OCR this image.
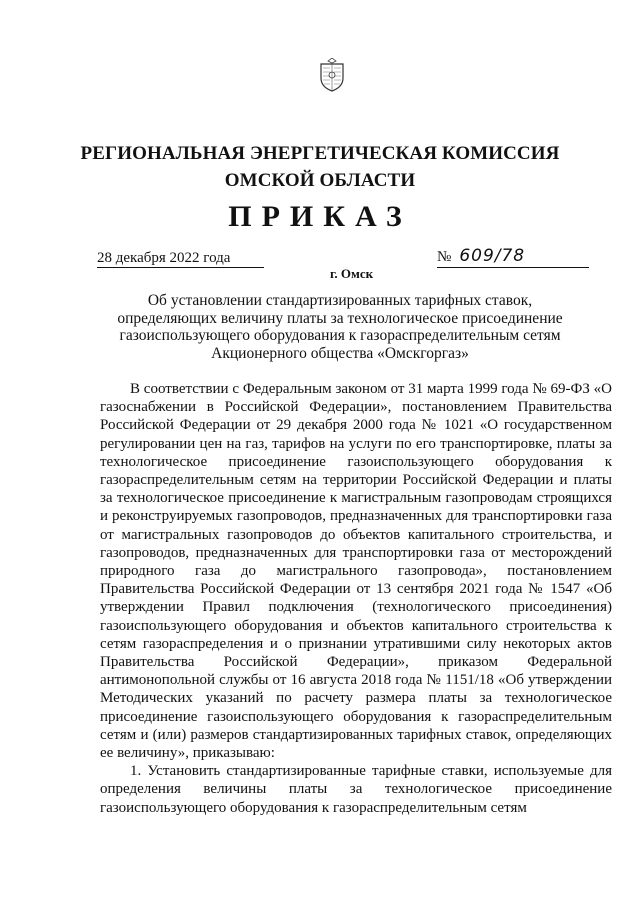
РЕГИОНАЛЬНАЯ ЭНЕРГЕТИЧЕСКАЯ КОМИССИЯ
ОМСКОЙ ОБЛАСТИ
ПРИКАЗ
28 декабря 2022 года	№ 609/78
г. Омск
Об установлении стандартизированных тарифных ставок, определяющих величину платы за технологическое присоединение газоиспользующего оборудования к газораспределительным сетям Акционерного общества «Омскгоргаз»

В соответствии с Федеральным законом от 31 марта 1999 года № 69-ФЗ «О газоснабжении в Российской Федерации», постановлением Правительства Российской Федерации от 29 декабря 2000 года № 1021 «О государственном регулировании цен на газ, тарифов на услуги по его транспортировке, платы за технологическое присоединение газоиспользующего оборудования к газораспределительным сетям на территории Российской Федерации и платы за технологическое присоединение к магистральным газопроводам строящихся и реконструируемых газопроводов, предназначенных для транспортировки газа от магистральных газопроводов до объектов капитального строительства, и газопроводов, предназначенных для транспортировки газа от месторождений природного газа до магистрального газопровода», постановлением Правительства Российской Федерации от 13 сентября 2021 года № 1547 «Об утверждении Правил подключения (технологического присоединения) газоиспользующего оборудования и объектов капитального строительства к сетям газораспределения и о признании утратившими силу некоторых актов Правительства Российской Федерации», приказом Федеральной антимонопольной службы от 16 августа 2018 года № 1151/18 «Об утверждении Методических указаний по расчету размера платы за технологическое присоединение газоиспользующего оборудования к газораспределительным сетям и (или) размеров стандартизированных тарифных ставок, определяющих ее величину», приказываю:

1. Установить стандартизированные тарифные ставки, используемые для определения величины платы за технологическое присоединение газоиспользующего оборудования к газораспределительным сетям
